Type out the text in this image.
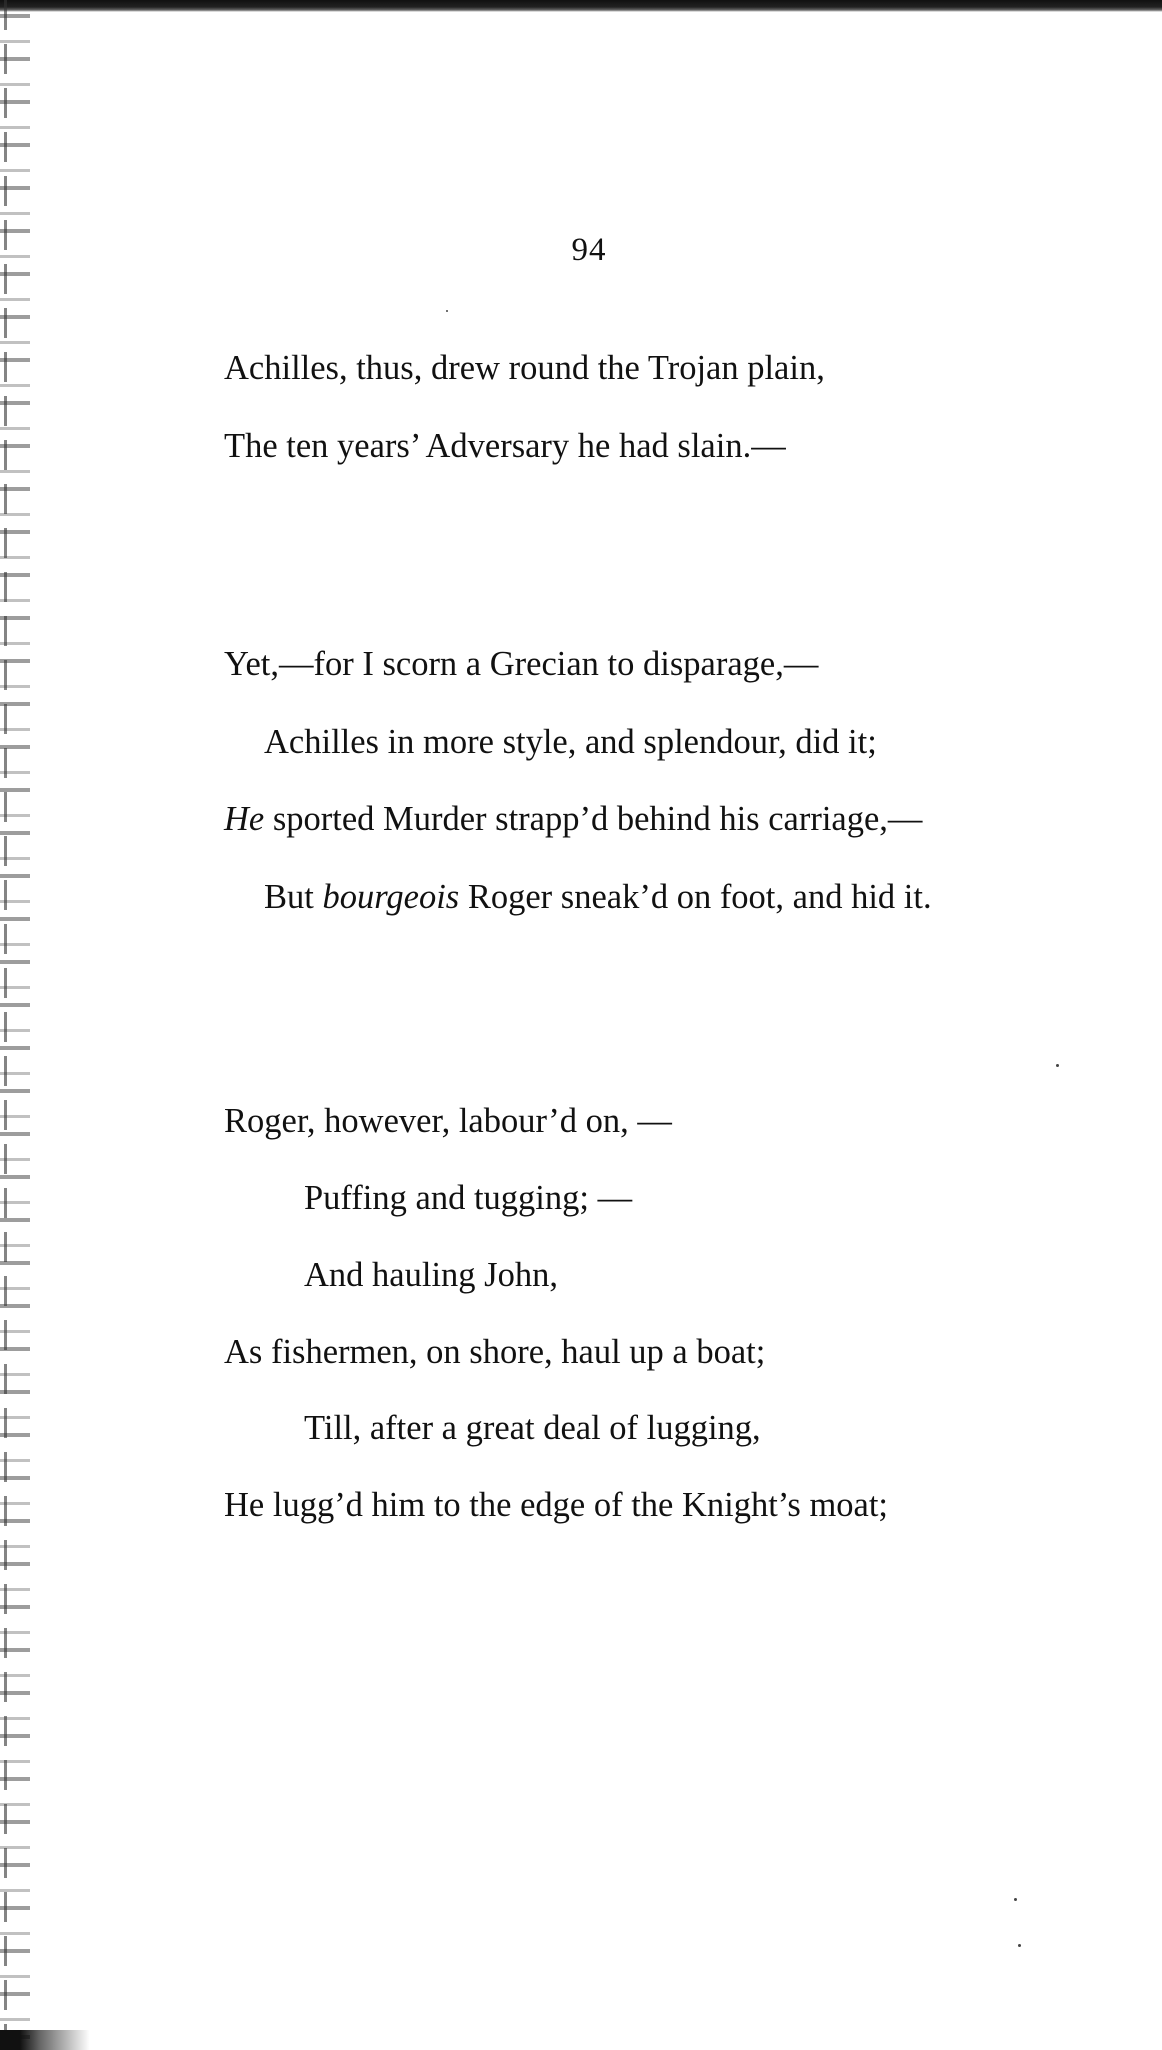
94
Achilles, thus, drew round the Trojan plain,
The ten years’ Adversary he had slain.—
Yet,—for I scorn a Grecian to disparage,—
Achilles in more style, and splendour, did it;
He sported Murder strapp’d behind his carriage,—
But bourgeois Roger sneak’d on foot, and hid it.
Roger, however, labour’d on, —
Puffing and tugging; —
And hauling John,
As fishermen, on shore, haul up a boat;
Till, after a great deal of lugging,
He lugg’d him to the edge of the Knight’s moat;
